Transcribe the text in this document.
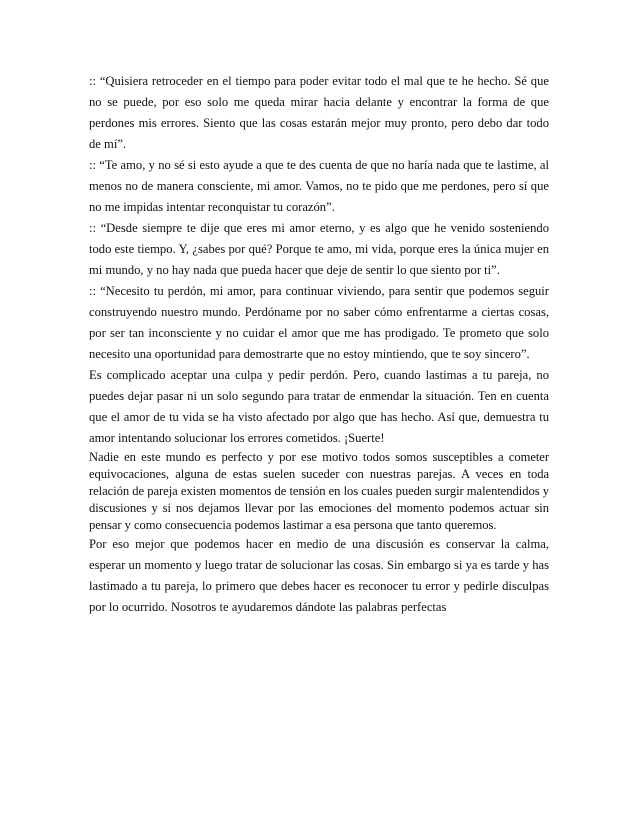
:: “Quisiera retroceder en el tiempo para poder evitar todo el mal que te he hecho. Sé que no se puede, por eso solo me queda mirar hacia delante y encontrar la forma de que perdones mis errores. Siento que las cosas estarán mejor muy pronto, pero debo dar todo de mí”.

:: “Te amo, y no sé si esto ayude a que te des cuenta de que no haría nada que te lastime, al menos no de manera consciente, mi amor. Vamos, no te pido que me perdones, pero sí que no me impidas intentar reconquistar tu corazón”.

:: “Desde siempre te dije que eres mi amor eterno, y es algo que he venido sosteniendo todo este tiempo. Y, ¿sabes por qué? Porque te amo, mi vida, porque eres la única mujer en mi mundo, y no hay nada que pueda hacer que deje de sentir lo que siento por ti”.

:: “Necesito tu perdón, mi amor, para continuar viviendo, para sentir que podemos seguir construyendo nuestro mundo. Perdóname por no saber cómo enfrentarme a ciertas cosas, por ser tan inconsciente y no cuidar el amor que me has prodigado. Te prometo que solo necesito una oportunidad para demostrarte que no estoy mintiendo, que te soy sincero”.

Es complicado aceptar una culpa y pedir perdón. Pero, cuando lastimas a tu pareja, no puedes dejar pasar ni un solo segundo para tratar de enmendar la situación. Ten en cuenta que el amor de tu vida se ha visto afectado por algo que has hecho. Así que, demuestra tu amor intentando solucionar los errores cometidos. ¡Suerte!

Nadie en este mundo es perfecto y por ese motivo todos somos susceptibles a cometer equivocaciones, alguna de estas suelen suceder con nuestras parejas. A veces en toda relación de pareja existen momentos de tensión en los cuales pueden surgir malentendidos y discusiones y si nos dejamos llevar por las emociones del momento podemos actuar sin pensar y como consecuencia podemos lastimar a esa persona que tanto queremos.

Por eso mejor que podemos hacer en medio de una discusión es conservar la calma, esperar un momento y luego tratar de solucionar las cosas. Sin embargo si ya es tarde y has lastimado a tu pareja, lo primero que debes hacer es reconocer tu error y pedirle disculpas por lo ocurrido. Nosotros te ayudaremos dándote las palabras perfectas
